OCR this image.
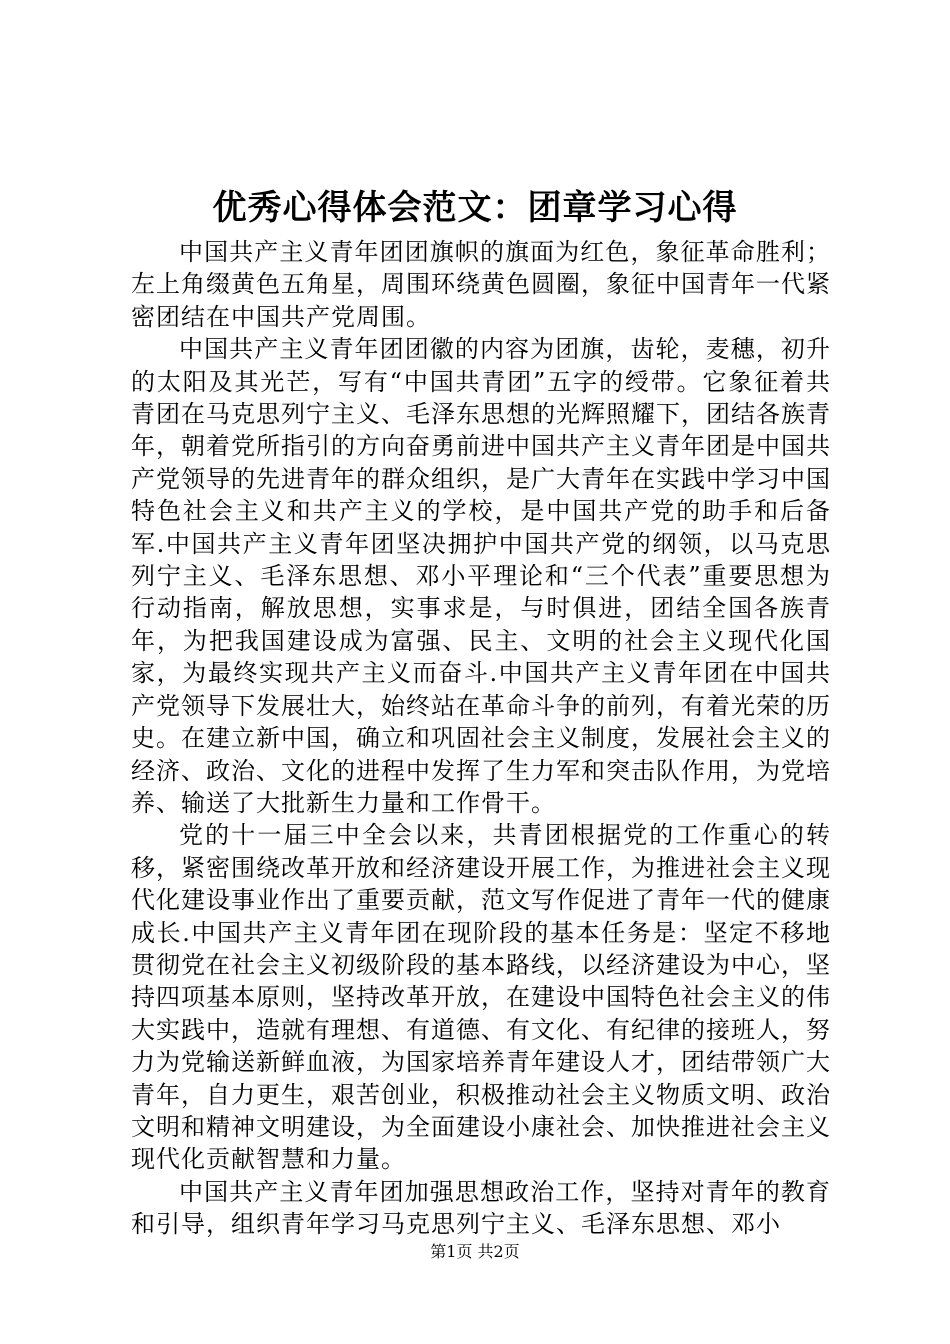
优秀心得体会范文：团章学习心得

中国共产主义青年团团旗帜的旗面为红色，象征革命胜利；左上角缀黄色五角星，周围环绕黄色圆圈，象征中国青年一代紧密团结在中国共产党周围。

中国共产主义青年团团徽的内容为团旗，齿轮，麦穗，初升的太阳及其光芒，写有“中国共青团”五字的绶带。它象征着共青团在马克思列宁主义、毛泽东思想的光辉照耀下，团结各族青年，朝着党所指引的方向奋勇前进中国共产主义青年团是中国共产党领导的先进青年的群众组织，是广大青年在实践中学习中国特色社会主义和共产主义的学校，是中国共产党的助手和后备军.中国共产主义青年团坚决拥护中国共产党的纲领，以马克思列宁主义、毛泽东思想、邓小平理论和“三个代表”重要思想为行动指南，解放思想，实事求是，与时俱进，团结全国各族青年，为把我国建设成为富强、民主、文明的社会主义现代化国家，为最终实现共产主义而奋斗.中国共产主义青年团在中国共产党领导下发展壮大，始终站在革命斗争的前列，有着光荣的历史。在建立新中国，确立和巩固社会主义制度，发展社会主义的经济、政治、文化的进程中发挥了生力军和突击队作用，为党培养、输送了大批新生力量和工作骨干。

党的十一届三中全会以来，共青团根据党的工作重心的转移，紧密围绕改革开放和经济建设开展工作，为推进社会主义现代化建设事业作出了重要贡献，范文写作促进了青年一代的健康成长.中国共产主义青年团在现阶段的基本任务是：坚定不移地贯彻党在社会主义初级阶段的基本路线，以经济建设为中心，坚持四项基本原则，坚持改革开放，在建设中国特色社会主义的伟大实践中，造就有理想、有道德、有文化、有纪律的接班人，努力为党输送新鲜血液，为国家培养青年建设人才，团结带领广大青年，自力更生，艰苦创业，积极推动社会主义物质文明、政治文明和精神文明建设，为全面建设小康社会、加快推进社会主义现代化贡献智慧和力量。

中国共产主义青年团加强思想政治工作，坚持对青年的教育和引导，组织青年学习马克思列宁主义、毛泽东思想、邓小

第1页 共2页
